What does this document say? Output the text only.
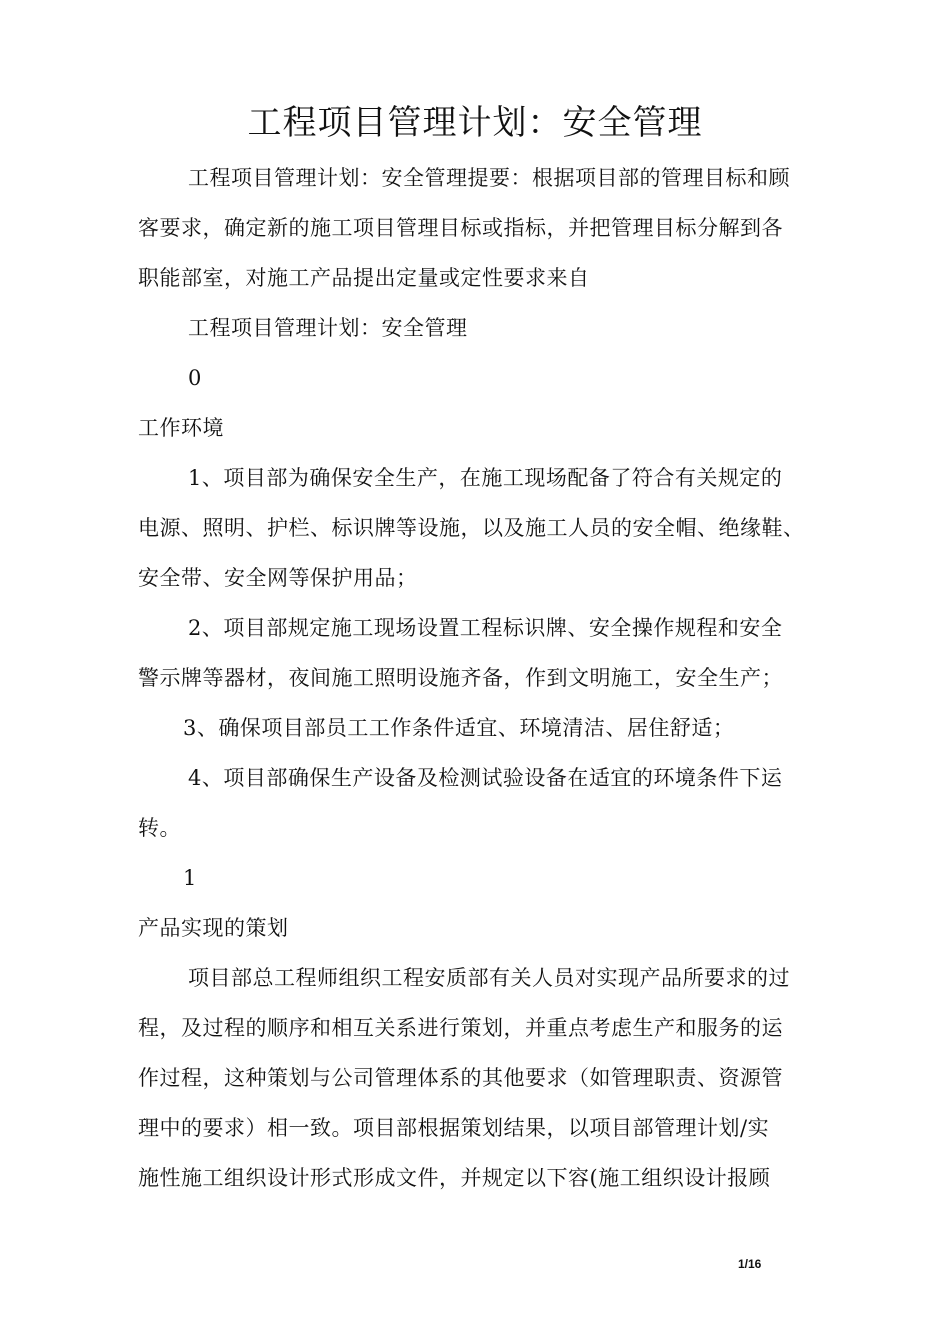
工程项目管理计划：安全管理
工程项目管理计划：安全管理提要：根据项目部的管理目标和顾
客要求，确定新的施工项目管理目标或指标，并把管理目标分解到各
职能部室，对施工产品提出定量或定性要求来自
工程项目管理计划：安全管理
0
工作环境
1、项目部为确保安全生产，在施工现场配备了符合有关规定的
电源、照明、护栏、标识牌等设施，以及施工人员的安全帽、绝缘鞋、
安全带、安全网等保护用品；
2、项目部规定施工现场设置工程标识牌、安全操作规程和安全
警示牌等器材，夜间施工照明设施齐备，作到文明施工，安全生产；
3、确保项目部员工工作条件适宜、环境清洁、居住舒适；
4、项目部确保生产设备及检测试验设备在适宜的环境条件下运
转。
1
产品实现的策划
项目部总工程师组织工程安质部有关人员对实现产品所要求的过
程，及过程的顺序和相互关系进行策划，并重点考虑生产和服务的运
作过程，这种策划与公司管理体系的其他要求（如管理职责、资源管
理中的要求）相一致。项目部根据策划结果，以项目部管理计划/实
施性施工组织设计形式形成文件，并规定以下容(施工组织设计报顾
1/16
